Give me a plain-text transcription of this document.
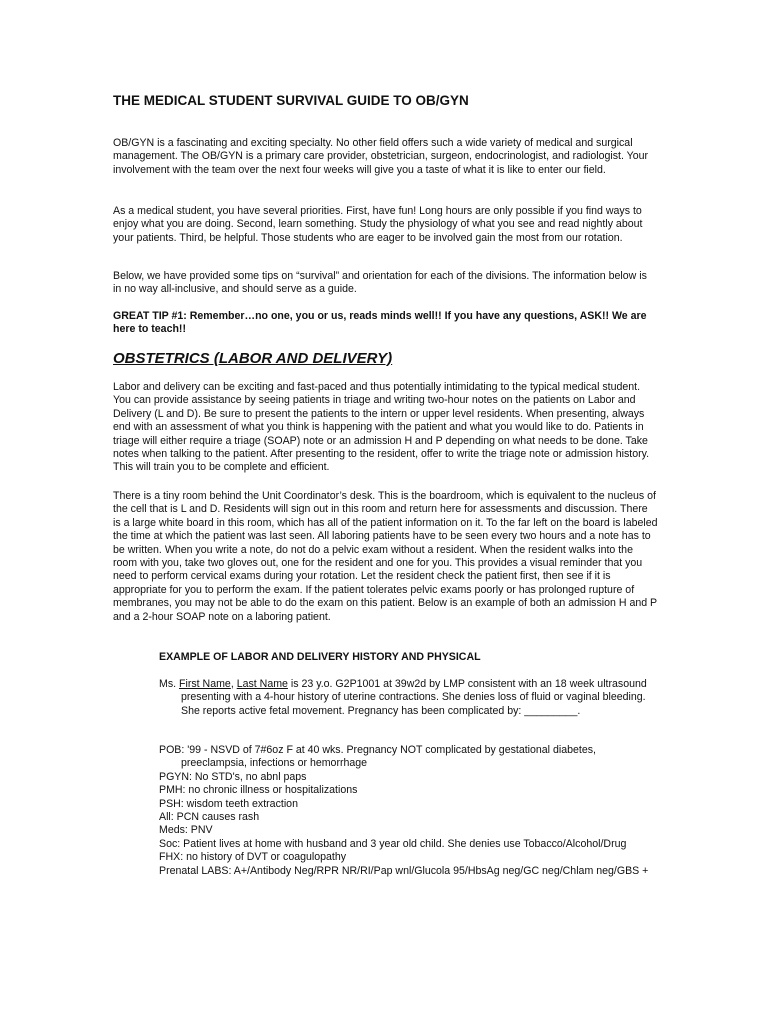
THE MEDICAL STUDENT SURVIVAL GUIDE TO OB/GYN

OB/GYN is a fascinating and exciting specialty. No other field offers such a wide variety of medical and surgical management. The OB/GYN is a primary care provider, obstetrician, surgeon, endocrinologist, and radiologist. Your involvement with the team over the next four weeks will give you a taste of what it is like to enter our field.

As a medical student, you have several priorities. First, have fun! Long hours are only possible if you find ways to enjoy what you are doing. Second, learn something. Study the physiology of what you see and read nightly about your patients. Third, be helpful. Those students who are eager to be involved gain the most from our rotation.

Below, we have provided some tips on “survival” and orientation for each of the divisions. The information below is in no way all-inclusive, and should serve as a guide.

GREAT TIP #1: Remember…no one, you or us, reads minds well!! If you have any questions, ASK!! We are here to teach!!

OBSTETRICS (LABOR AND DELIVERY)

Labor and delivery can be exciting and fast-paced and thus potentially intimidating to the typical medical student. You can provide assistance by seeing patients in triage and writing two-hour notes on the patients on Labor and Delivery (L and D). Be sure to present the patients to the intern or upper level residents. When presenting, always end with an assessment of what you think is happening with the patient and what you would like to do. Patients in triage will either require a triage (SOAP) note or an admission H and P depending on what needs to be done. Take notes when talking to the patient. After presenting to the resident, offer to write the triage note or admission history. This will train you to be complete and efficient.

There is a tiny room behind the Unit Coordinator’s desk. This is the boardroom, which is equivalent to the nucleus of the cell that is L and D. Residents will sign out in this room and return here for assessments and discussion. There is a large white board in this room, which has all of the patient information on it. To the far left on the board is labeled the time at which the patient was last seen. All laboring patients have to be seen every two hours and a note has to be written. When you write a note, do not do a pelvic exam without a resident. When the resident walks into the room with you, take two gloves out, one for the resident and one for you. This provides a visual reminder that you need to perform cervical exams during your rotation. Let the resident check the patient first, then see if it is appropriate for you to perform the exam. If the patient tolerates pelvic exams poorly or has prolonged rupture of membranes, you may not be able to do the exam on this patient. Below is an example of both an admission H and P and a 2-hour SOAP note on a laboring patient.

EXAMPLE OF LABOR AND DELIVERY HISTORY AND PHYSICAL

Ms. First Name, Last Name is 23 y.o. G2P1001 at 39w2d by LMP consistent with an 18 week ultrasound presenting with a 4-hour history of uterine contractions. She denies loss of fluid or vaginal bleeding. She reports active fetal movement. Pregnancy has been complicated by: _________.

POB: '99 - NSVD of 7#6oz F at 40 wks. Pregnancy NOT complicated by gestational diabetes, preeclampsia, infections or hemorrhage
PGYN: No STD's, no abnl paps
PMH: no chronic illness or hospitalizations
PSH: wisdom teeth extraction
All: PCN causes rash
Meds: PNV
Soc: Patient lives at home with husband and 3 year old child. She denies use Tobacco/Alcohol/Drug
FHX: no history of DVT or coagulopathy
Prenatal LABS: A+/Antibody Neg/RPR NR/RI/Pap wnl/Glucola 95/HbsAg neg/GC neg/Chlam neg/GBS +
